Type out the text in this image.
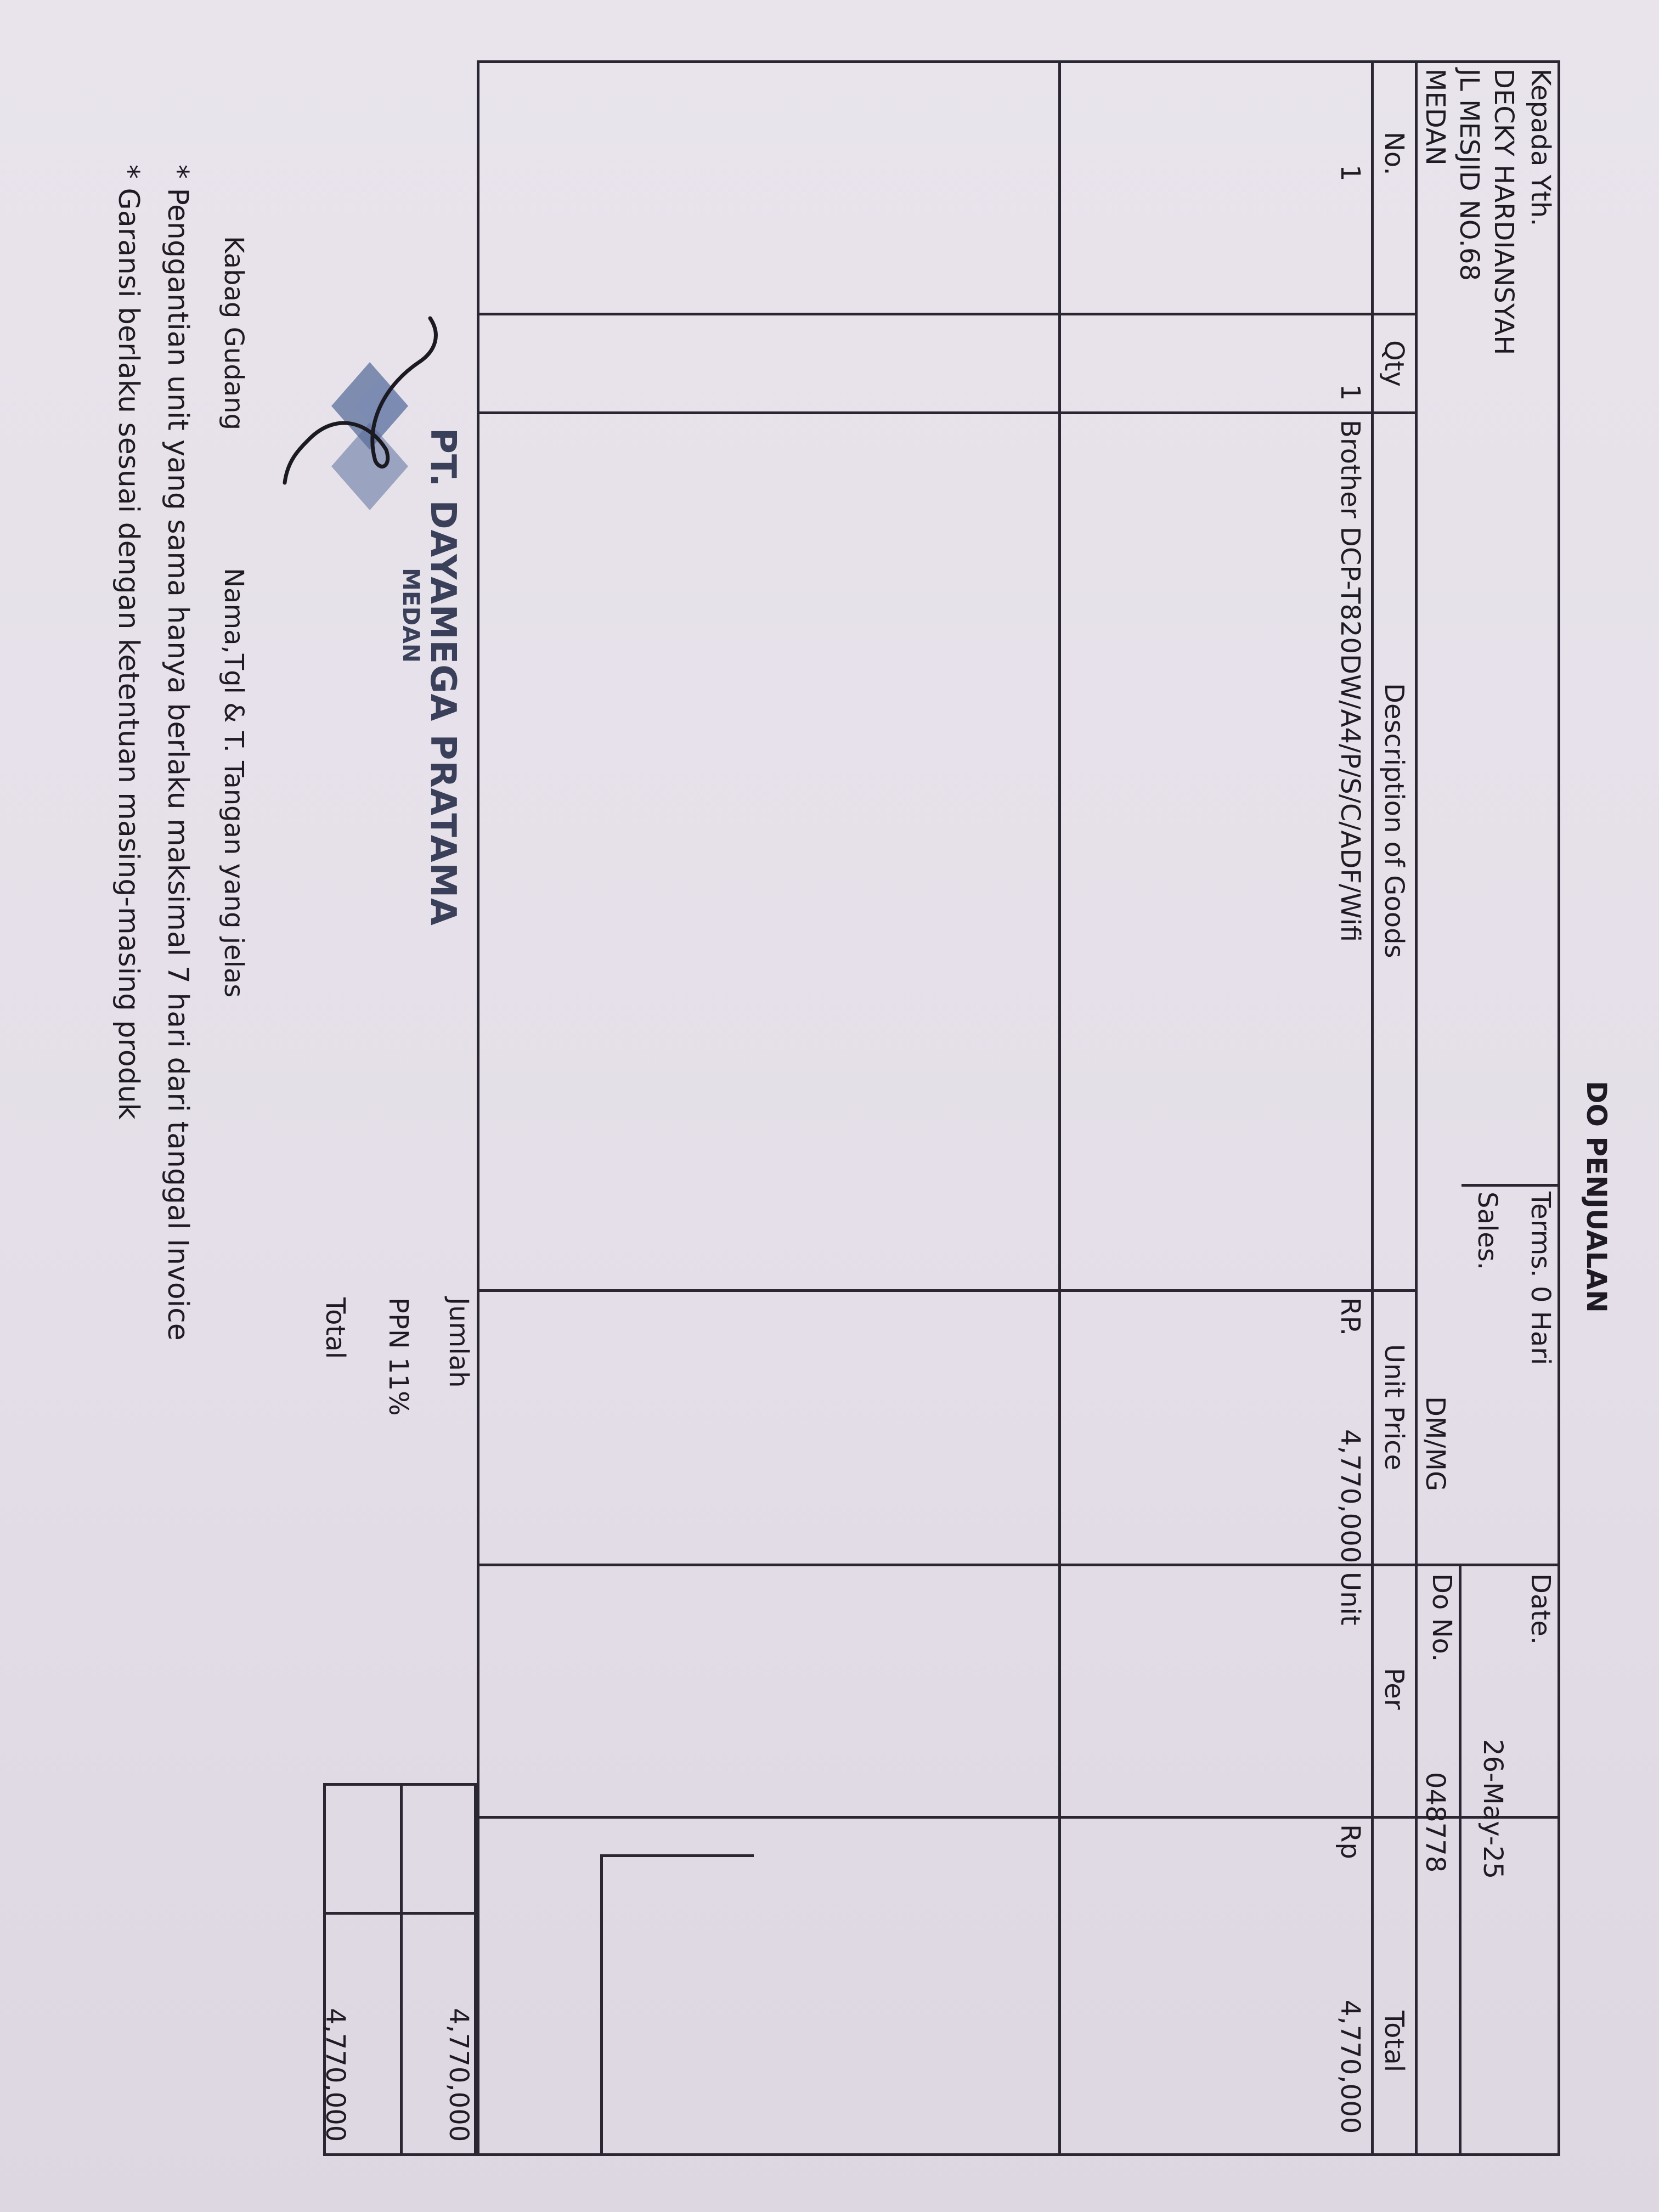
DO PENJUALAN
Kepada Yth.
DECKY HARDIANSYAH
JL MESJID NO.68
MEDAN
Terms. 0 Hari
Sales.
DM/MG
Date.
26-May-25
Do No.
048778
No.
Qty
Description of Goods
Unit Price
Per
Total
1
1
Brother DCP-T820DW/A4/P/S/C/ADF/Wifi
RP.
4,770,000
Unit
Rp
4,770,000
Jumlah
4,770,000
PPN 11%
Total
4,770,000
PT. DAYAMEGA PRATAMA
MEDAN
Kabag Gudang
Nama,Tgl & T. Tangan yang jelas
* Penggantian unit yang sama hanya berlaku maksimal 7 hari dari tanggal Invoice
* Garansi berlaku sesuai dengan ketentuan masing-masing produk
